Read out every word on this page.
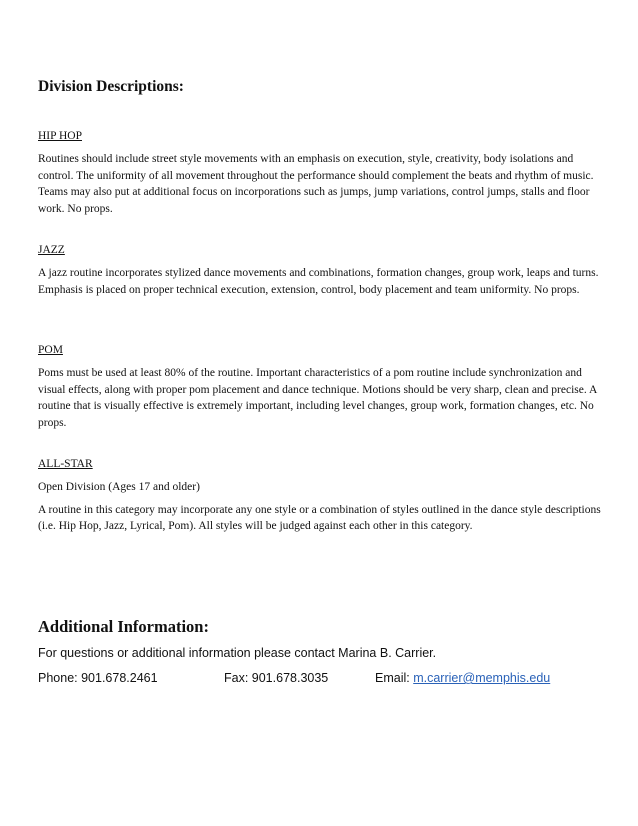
Division Descriptions:

HIP HOP

Routines should include street style movements with an emphasis on execution, style, creativity, body isolations and control. The uniformity of all movement throughout the performance should complement the beats and rhythm of music. Teams may also put at additional focus on incorporations such as jumps, jump variations, control jumps, stalls and floor work. No props.

JAZZ

A jazz routine incorporates stylized dance movements and combinations, formation changes, group work, leaps and turns. Emphasis is placed on proper technical execution, extension, control, body placement and team uniformity. No props.

POM

Poms must be used at least 80% of the routine. Important characteristics of a pom routine include synchronization and visual effects, along with proper pom placement and dance technique. Motions should be very sharp, clean and precise. A routine that is visually effective is extremely important, including level changes, group work, formation changes, etc. No props.

ALL-STAR

Open Division (Ages 17 and older)

A routine in this category may incorporate any one style or a combination of styles outlined in the dance style descriptions (i.e. Hip Hop, Jazz, Lyrical, Pom). All styles will be judged against each other in this category.

Additional Information:

For questions or additional information please contact Marina B. Carrier.

Phone: 901.678.2461	Fax: 901.678.3035	Email: m.carrier@memphis.edu
